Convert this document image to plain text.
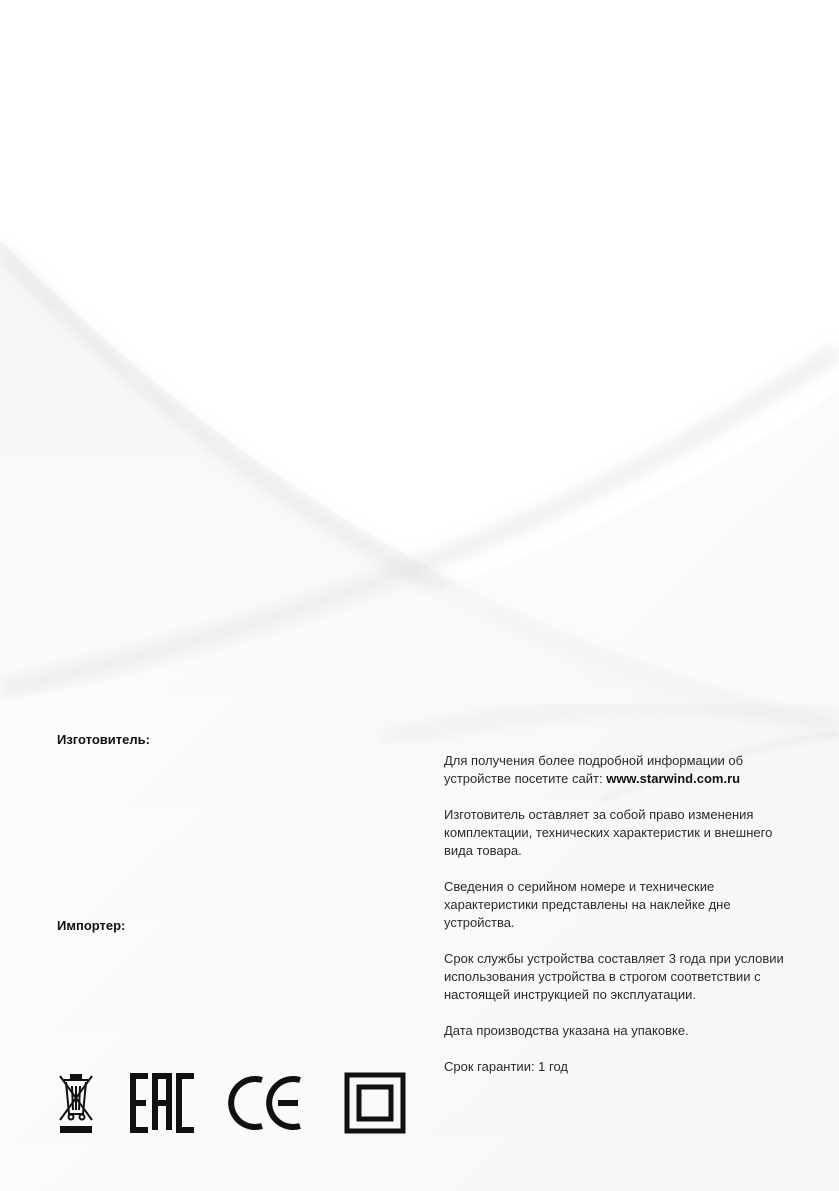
Изготовитель:

Импортер:

Для получения более подробной информации об устройстве посетите сайт: www.starwind.com.ru

Изготовитель оставляет за собой право изменения комплектации, технических характеристик и внешнего вида товара.

Сведения о серийном номере и технические характеристики представлены на наклейке дне устройства.

Срок службы устройства составляет 3 года при условии использования устройства в строгом соответствии с настоящей инструкцией по эксплуатации.

Дата производства указана на упаковке.

Срок гарантии: 1 год
